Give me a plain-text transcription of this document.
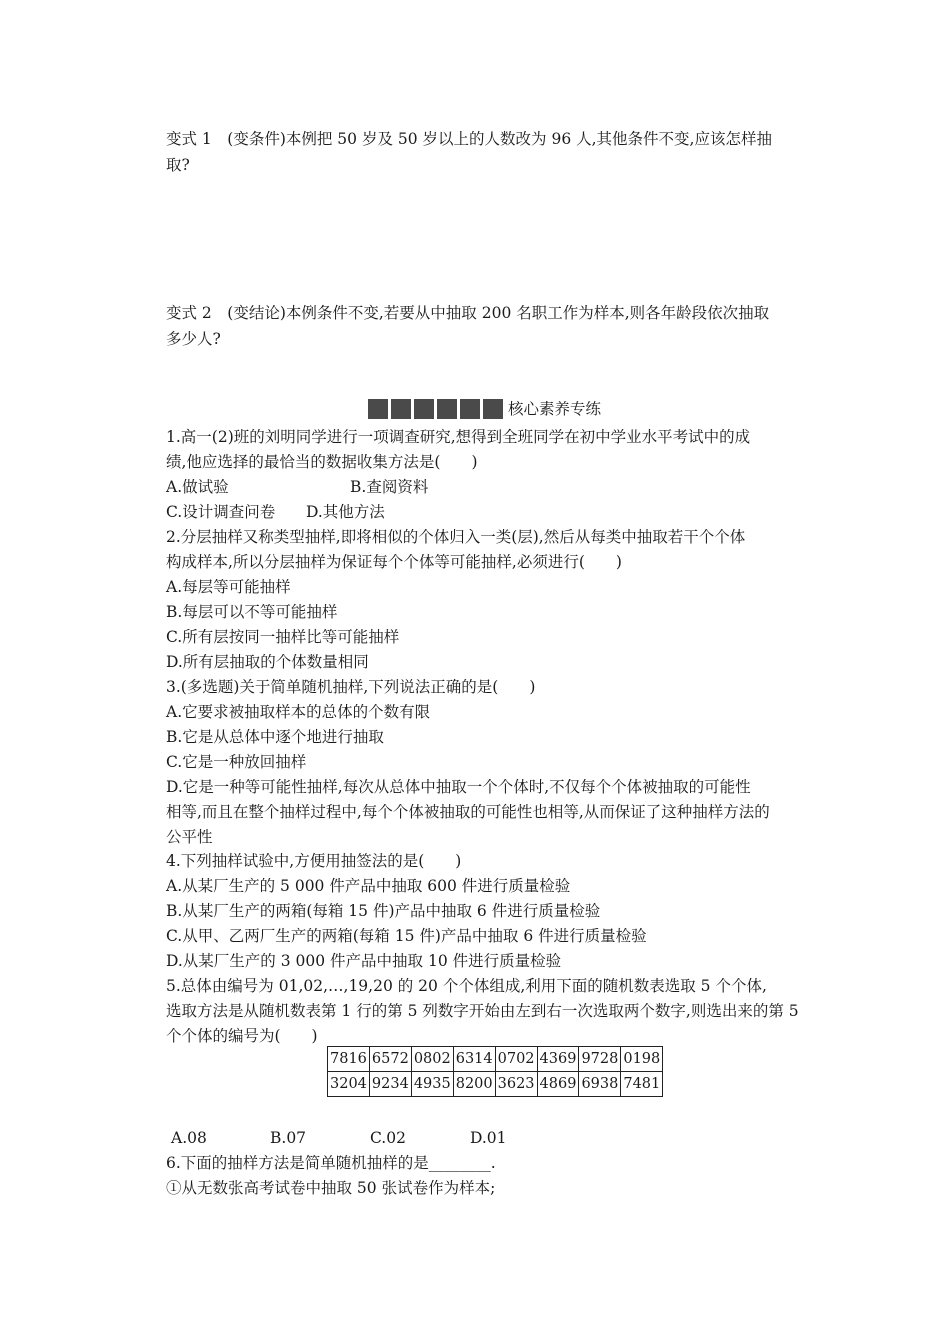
变式 1　(变条件)本例把 50 岁及 50 岁以上的人数改为 96 人,其他条件不变,应该怎样抽
取?
变式 2　(变结论)本例条件不变,若要从中抽取 200 名职工作为样本,则各年龄段依次抽取
多少人?
核心素养专练
1.高一(2)班的刘明同学进行一项调查研究,想得到全班同学在初中学业水平考试中的成
绩,他应选择的最恰当的数据收集方法是(　　)
A.做试验	B.查阅资料
C.设计调查问卷 D.其他方法
2.分层抽样又称类型抽样,即将相似的个体归入一类(层),然后从每类中抽取若干个个体
构成样本,所以分层抽样为保证每个个体等可能抽样,必须进行(　　)
A.每层等可能抽样
B.每层可以不等可能抽样
C.所有层按同一抽样比等可能抽样
D.所有层抽取的个体数量相同
3.(多选题)关于简单随机抽样,下列说法正确的是(　　)
A.它要求被抽取样本的总体的个数有限
B.它是从总体中逐个地进行抽取
C.它是一种放回抽样
D.它是一种等可能性抽样,每次从总体中抽取一个个体时,不仅每个个体被抽取的可能性
相等,而且在整个抽样过程中,每个个体被抽取的可能性也相等,从而保证了这种抽样方法的
公平性
4.下列抽样试验中,方便用抽签法的是(　　)
A.从某厂生产的 5 000 件产品中抽取 600 件进行质量检验
B.从某厂生产的两箱(每箱 15 件)产品中抽取 6 件进行质量检验
C.从甲、乙两厂生产的两箱(每箱 15 件)产品中抽取 6 件进行质量检验
D.从某厂生产的 3 000 件产品中抽取 10 件进行质量检验
5.总体由编号为 01,02,…,19,20 的 20 个个体组成,利用下面的随机数表选取 5 个个体,
选取方法是从随机数表第 1 行的第 5 列数字开始由左到右一次选取两个数字,则选出来的第 5
个个体的编号为(　　)
7816	6572	0802	6314	0702	4369	9728	0198
3204	9234	4935	8200	3623	4869	6938	7481
A.08	B.07	C.02	D.01
6.下面的抽样方法是简单随机抽样的是________.
①从无数张高考试卷中抽取 50 张试卷作为样本;
